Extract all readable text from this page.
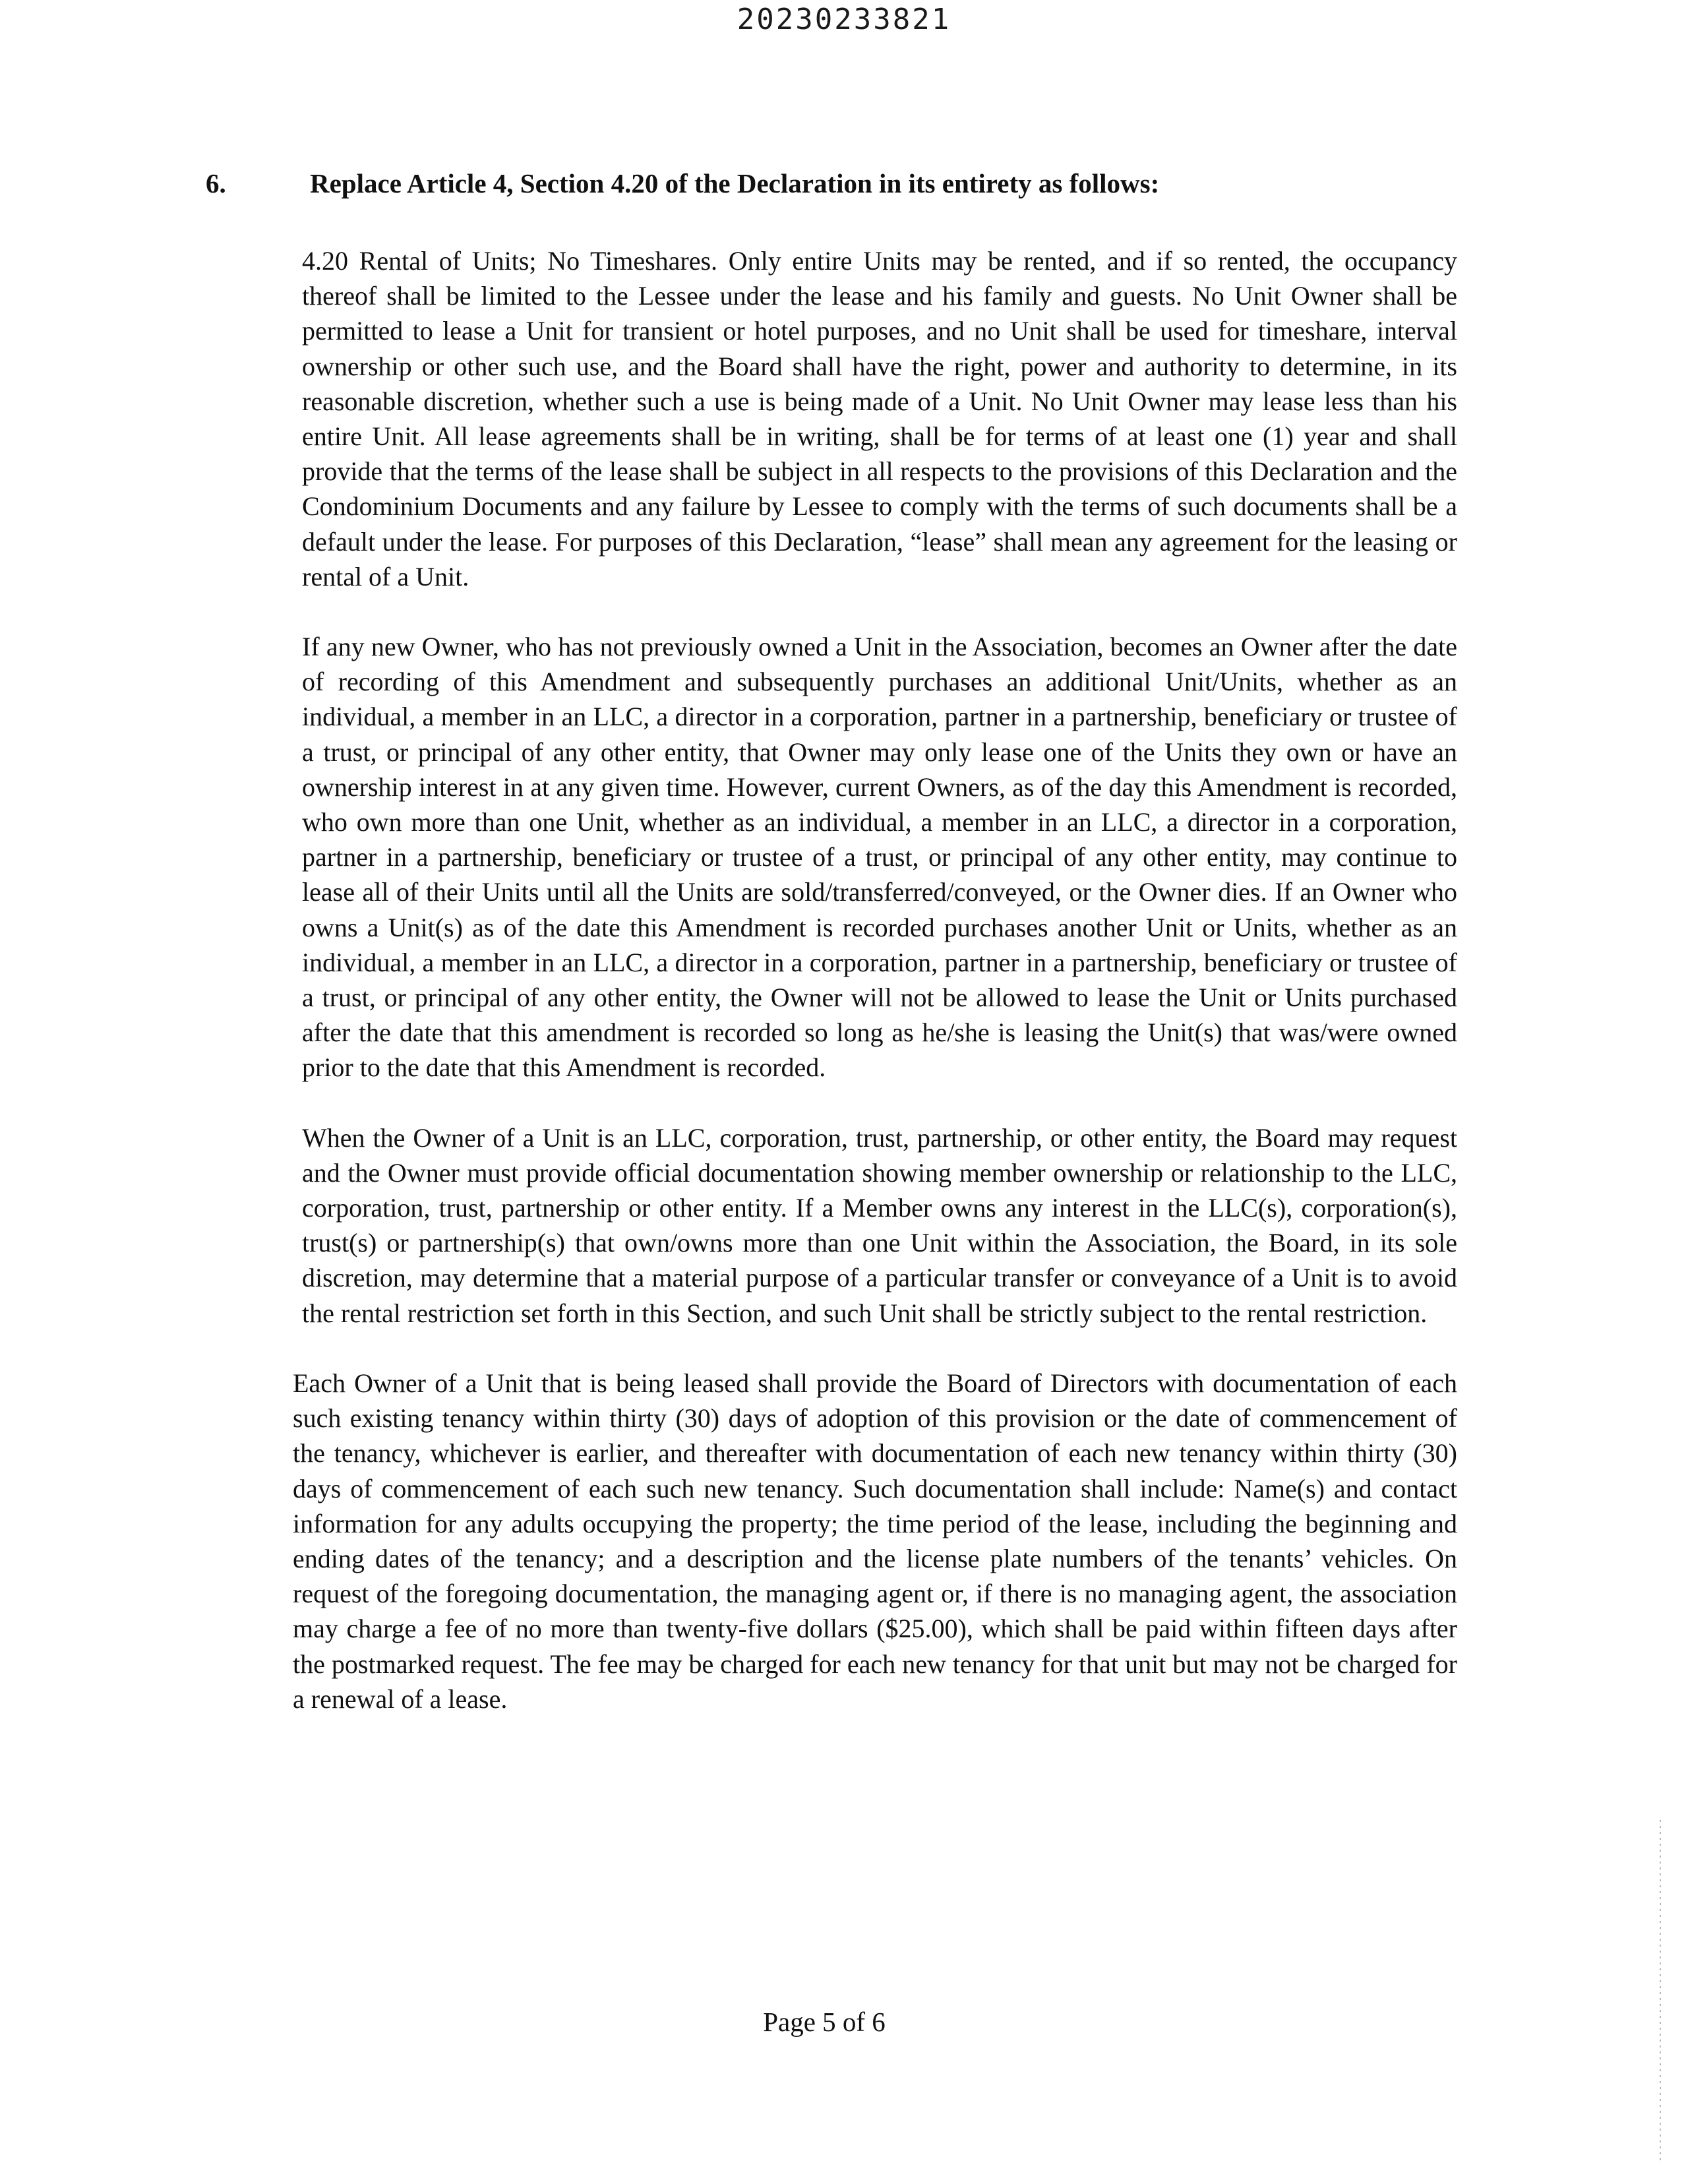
20230233821
6.	Replace Article 4, Section 4.20 of the Declaration in its entirety as follows:

4.20 Rental of Units; No Timeshares. Only entire Units may be rented, and if so rented, the occupancy thereof shall be limited to the Lessee under the lease and his family and guests. No Unit Owner shall be permitted to lease a Unit for transient or hotel purposes, and no Unit shall be used for timeshare, interval ownership or other such use, and the Board shall have the right, power and authority to determine, in its reasonable discretion, whether such a use is being made of a Unit. No Unit Owner may lease less than his entire Unit. All lease agreements shall be in writing, shall be for terms of at least one (1) year and shall provide that the terms of the lease shall be subject in all respects to the provisions of this Declaration and the Condominium Documents and any failure by Lessee to comply with the terms of such documents shall be a default under the lease. For purposes of this Declaration, “lease” shall mean any agreement for the leasing or rental of a Unit.

If any new Owner, who has not previously owned a Unit in the Association, becomes an Owner after the date of recording of this Amendment and subsequently purchases an additional Unit/Units, whether as an individual, a member in an LLC, a director in a corporation, partner in a partnership, beneficiary or trustee of a trust, or principal of any other entity, that Owner may only lease one of the Units they own or have an ownership interest in at any given time. However, current Owners, as of the day this Amendment is recorded, who own more than one Unit, whether as an individual, a member in an LLC, a director in a corporation, partner in a partnership, beneficiary or trustee of a trust, or principal of any other entity, may continue to lease all of their Units until all the Units are sold/transferred/conveyed, or the Owner dies. If an Owner who owns a Unit(s) as of the date this Amendment is recorded purchases another Unit or Units, whether as an individual, a member in an LLC, a director in a corporation, partner in a partnership, beneficiary or trustee of a trust, or principal of any other entity, the Owner will not be allowed to lease the Unit or Units purchased after the date that this amendment is recorded so long as he/she is leasing the Unit(s) that was/were owned prior to the date that this Amendment is recorded.

When the Owner of a Unit is an LLC, corporation, trust, partnership, or other entity, the Board may request and the Owner must provide official documentation showing member ownership or relationship to the LLC, corporation, trust, partnership or other entity. If a Member owns any interest in the LLC(s), corporation(s), trust(s) or partnership(s) that own/owns more than one Unit within the Association, the Board, in its sole discretion, may determine that a material purpose of a particular transfer or conveyance of a Unit is to avoid the rental restriction set forth in this Section, and such Unit shall be strictly subject to the rental restriction.

Each Owner of a Unit that is being leased shall provide the Board of Directors with documentation of each such existing tenancy within thirty (30) days of adoption of this provision or the date of commencement of the tenancy, whichever is earlier, and thereafter with documentation of each new tenancy within thirty (30) days of commencement of each such new tenancy. Such documentation shall include: Name(s) and contact information for any adults occupying the property; the time period of the lease, including the beginning and ending dates of the tenancy; and a description and the license plate numbers of the tenants’ vehicles. On request of the foregoing documentation, the managing agent or, if there is no managing agent, the association may charge a fee of no more than twenty-five dollars ($25.00), which shall be paid within fifteen days after the postmarked request. The fee may be charged for each new tenancy for that unit but may not be charged for a renewal of a lease.

Page 5 of 6
